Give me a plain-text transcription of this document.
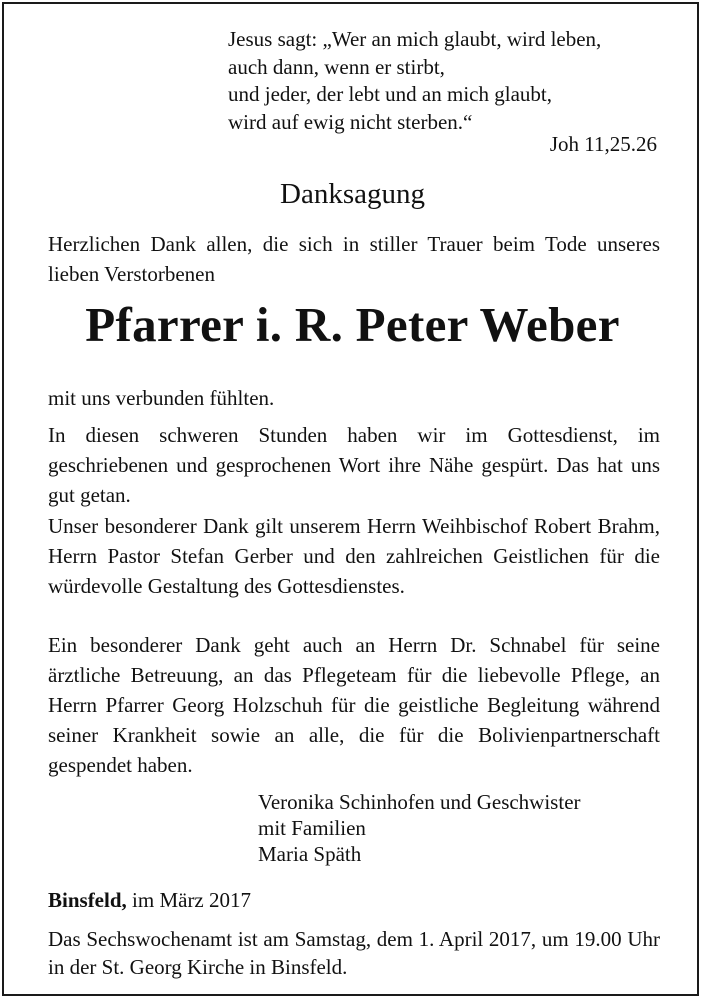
Jesus sagt: „Wer an mich glaubt, wird leben,
auch dann, wenn er stirbt,
und jeder, der lebt und an mich glaubt,
wird auf ewig nicht sterben.“
Joh 11,25.26
Danksagung
Herzlichen Dank allen, die sich in stiller Trauer beim Tode unseres lieben Verstorbenen
Pfarrer i. R. Peter Weber
mit uns verbunden fühlten.
In diesen schweren Stunden haben wir im Gottesdienst, im geschriebenen und gesprochenen Wort ihre Nähe gespürt. Das hat uns gut getan.
Unser besonderer Dank gilt unserem Herrn Weihbischof Robert Brahm, Herrn Pastor Stefan Gerber und den zahlreichen Geistlichen für die würdevolle Gestaltung des Gottesdienstes.
Ein besonderer Dank geht auch an Herrn Dr. Schnabel für seine ärztliche Betreuung, an das Pflegeteam für die liebevolle Pflege, an Herrn Pfarrer Georg Holzschuh für die geistliche Begleitung während seiner Krankheit sowie an alle, die für die Bolivienpartnerschaft gespendet haben.
Veronika Schinhofen und Geschwister
mit Familien
Maria Späth
Binsfeld, im März 2017
Das Sechswochenamt ist am Samstag, dem 1. April 2017, um 19.00 Uhr in der St. Georg Kirche in Binsfeld.
